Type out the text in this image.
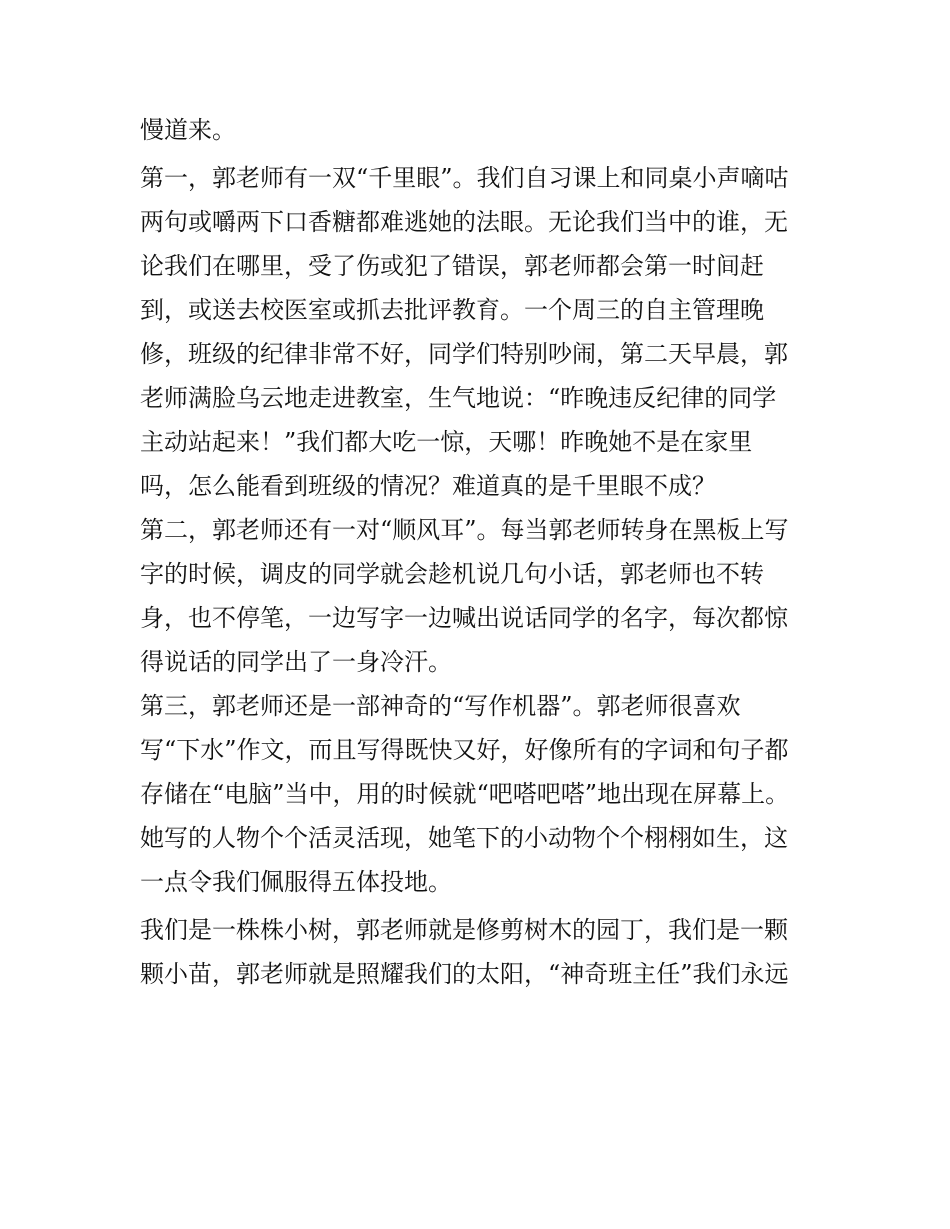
慢道来。
第一，郭老师有一双“千里眼”。我们自习课上和同桌小声嘀咕
两句或嚼两下口香糖都难逃她的法眼。无论我们当中的谁，无
论我们在哪里，受了伤或犯了错误，郭老师都会第一时间赶
到，或送去校医室或抓去批评教育。一个周三的自主管理晚
修，班级的纪律非常不好，同学们特别吵闹，第二天早晨，郭
老师满脸乌云地走进教室，生气地说：“昨晚违反纪律的同学
主动站起来！”我们都大吃一惊，天哪！昨晚她不是在家里
吗，怎么能看到班级的情况？难道真的是千里眼不成？
第二，郭老师还有一对“顺风耳”。每当郭老师转身在黑板上写
字的时候，调皮的同学就会趁机说几句小话，郭老师也不转
身，也不停笔，一边写字一边喊出说话同学的名字，每次都惊
得说话的同学出了一身冷汗。
第三，郭老师还是一部神奇的“写作机器”。郭老师很喜欢
写“下水”作文，而且写得既快又好，好像所有的字词和句子都
存储在“电脑”当中，用的时候就“吧嗒吧嗒”地出现在屏幕上。
她写的人物个个活灵活现，她笔下的小动物个个栩栩如生，这
一点令我们佩服得五体投地。
我们是一株株小树，郭老师就是修剪树木的园丁，我们是一颗
颗小苗，郭老师就是照耀我们的太阳，“神奇班主任”我们永远
